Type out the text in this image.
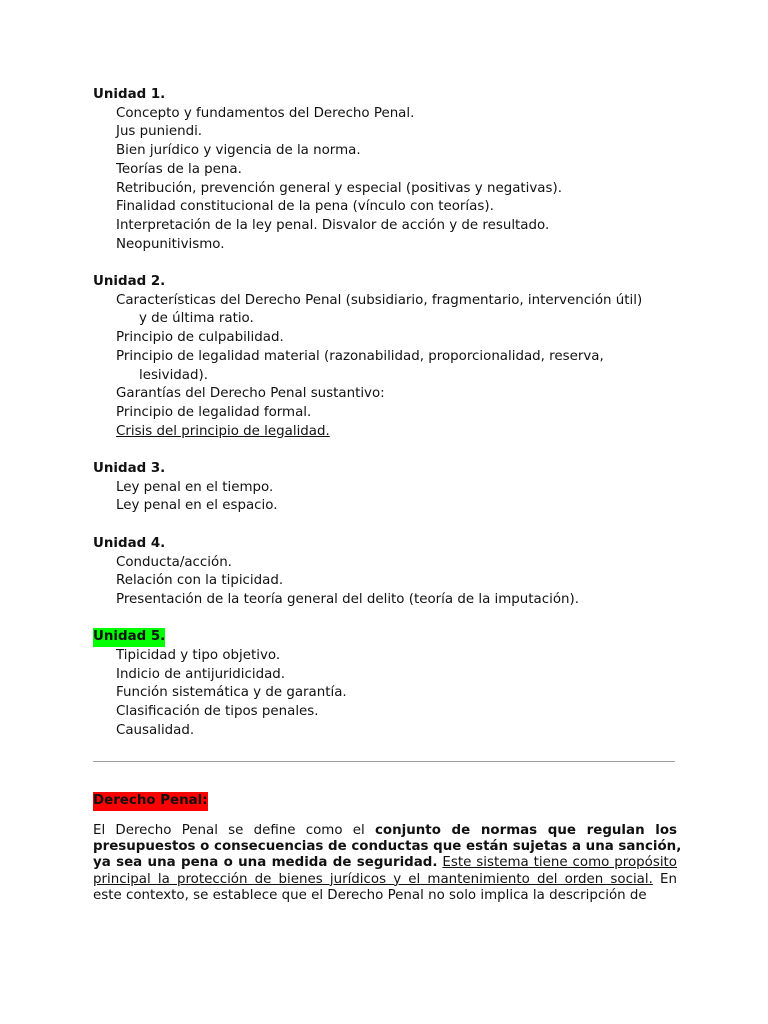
Unidad 1.
Concepto y fundamentos del Derecho Penal.
Jus puniendi.
Bien jurídico y vigencia de la norma.
Teorías de la pena.
Retribución, prevención general y especial (positivas y negativas).
Finalidad constitucional de la pena (vínculo con teorías).
Interpretación de la ley penal. Disvalor de acción y de resultado.
Neopunitivismo.
Unidad 2.
Características del Derecho Penal (subsidiario, fragmentario, intervención útil)
y de última ratio.
Principio de culpabilidad.
Principio de legalidad material (razonabilidad, proporcionalidad, reserva,
lesividad).
Garantías del Derecho Penal sustantivo:
Principio de legalidad formal.
Crisis del principio de legalidad.
Unidad 3.
Ley penal en el tiempo.
Ley penal en el espacio.
Unidad 4.
Conducta/acción.
Relación con la tipicidad.
Presentación de la teoría general del delito (teoría de la imputación).
Unidad 5.
Tipicidad y tipo objetivo.
Indicio de antijuridicidad.
Función sistemática y de garantía.
Clasificación de tipos penales.
Causalidad.
Derecho Penal:
El Derecho Penal se define como el conjunto de normas que regulan los
presupuestos o consecuencias de conductas que están sujetas a una sanción,
ya sea una pena o una medida de seguridad. Este sistema tiene como propósito
principal la protección de bienes jurídicos y el mantenimiento del orden social. En
este contexto, se establece que el Derecho Penal no solo implica la descripción de
